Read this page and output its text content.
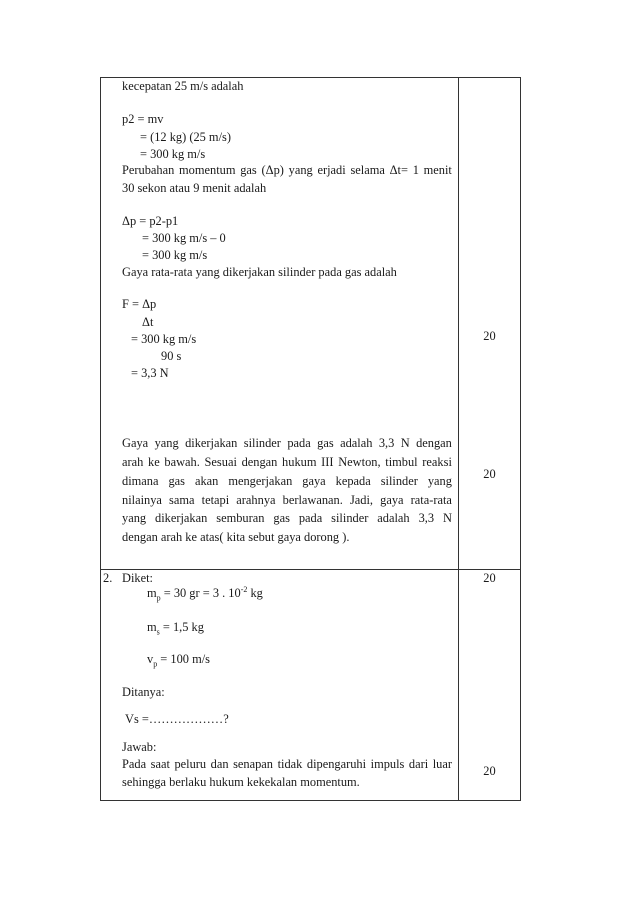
kecepatan 25 m/s adalah
p2 = mv
= (12 kg) (25 m/s)
= 300 kg m/s
Perubahan momentum gas (Δp) yang erjadi selama Δt= 1 menit
30 sekon atau 9 menit adalah
Δp = p2-p1
= 300 kg m/s – 0
= 300 kg m/s
Gaya rata-rata yang dikerjakan silinder pada gas adalah
F = Δp
Δt
= 300 kg m/s
90 s
= 3,3 N
Gaya yang dikerjakan silinder pada gas adalah 3,3 N dengan
arah ke bawah. Sesuai dengan hukum III Newton, timbul reaksi
dimana gas akan mengerjakan gaya kepada silinder yang
nilainya sama tetapi arahnya berlawanan. Jadi, gaya rata-rata
yang dikerjakan semburan gas pada silinder adalah 3,3 N
dengan arah ke atas( kita sebut gaya dorong ).
20
20
2. Diket:
$m_p = 30$ gr = 3 . $10^{-2}$ kg
$m_s = 1,5$ kg
$v_p = 100$ m/s
Ditanya:
Vs =………………?
Jawab:
Pada saat peluru dan senapan tidak dipengaruhi impuls dari luar
sehingga berlaku hukum kekekalan momentum.
20
20
